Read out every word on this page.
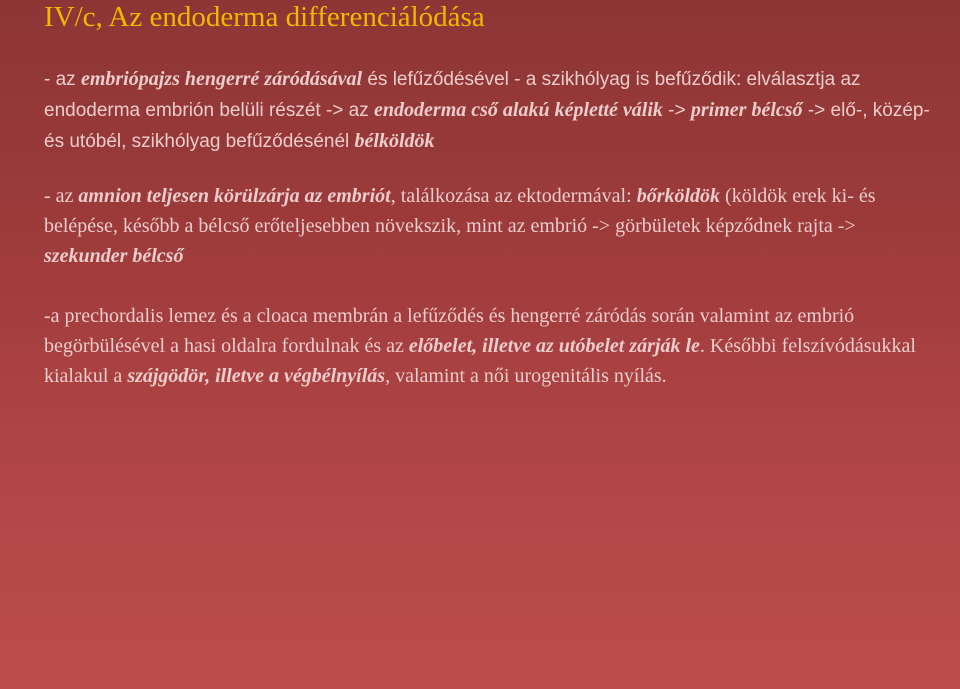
IV/c, Az endoderma differenciálódása

- az embriópajzs hengerré záródásával és lefűződésével - a szikhólyag is befűződik: elválasztja az endoderma embrión belüli részét -> az endoderma cső alakú képletté válik -> primer bélcső -> elő-, közép- és utóbél, szikhólyag befűződésénél bélköldök

- az amnion teljesen körülzárja az embriót, találkozása az ektodermával: bőrköldök (köldök erek ki- és belépése, később a bélcső erőteljesebben növekszik, mint az embrió -> görbületek képződnek rajta -> szekunder bélcső

-a prechordalis lemez és a cloaca membrán a lefűződés és hengerré záródás során valamint az embrió begörbülésével a hasi oldalra fordulnak és az előbelet, illetve az utóbelet zárják le. Későbbi felszívódásukkal kialakul a szájgödör, illetve a végbélnyílás, valamint a női urogenitális nyílás.
